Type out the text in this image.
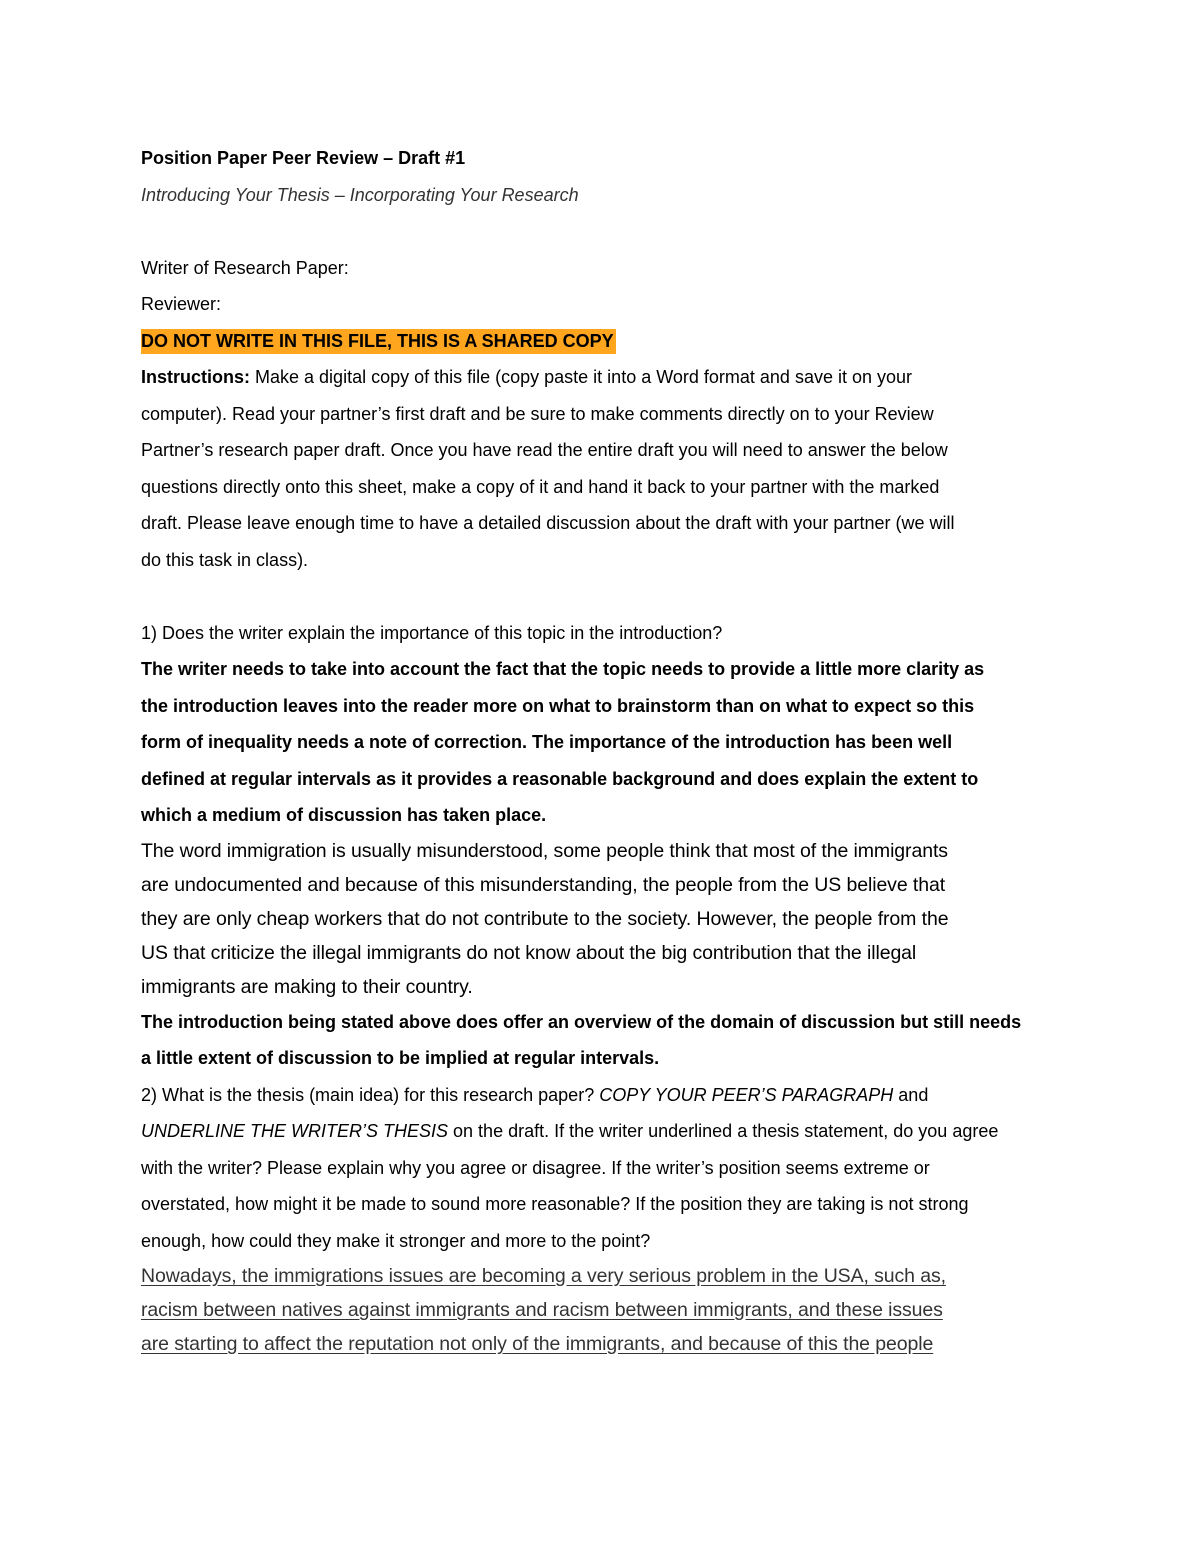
Position Paper Peer Review – Draft #1
Introducing Your Thesis – Incorporating Your Research
Writer of Research Paper:
Reviewer:
DO NOT WRITE IN THIS FILE, THIS IS A SHARED COPY
Instructions: Make a digital copy of this file (copy paste it into a Word format and save it on your
computer). Read your partner’s first draft and be sure to make comments directly on to your Review
Partner’s research paper draft. Once you have read the entire draft you will need to answer the below
questions directly onto this sheet, make a copy of it and hand it back to your partner with the marked
draft. Please leave enough time to have a detailed discussion about the draft with your partner (we will
do this task in class).
1) Does the writer explain the importance of this topic in the introduction?
The writer needs to take into account the fact that the topic needs to provide a little more clarity as
the introduction leaves into the reader more on what to brainstorm than on what to expect so this
form of inequality needs a note of correction. The importance of the introduction has been well
defined at regular intervals as it provides a reasonable background and does explain the extent to
which a medium of discussion has taken place.
The word immigration is usually misunderstood, some people think that most of the immigrants
are undocumented and because of this misunderstanding, the people from the US believe that
they are only cheap workers that do not contribute to the society. However, the people from the
US that criticize the illegal immigrants do not know about the big contribution that the illegal
immigrants are making to their country.
The introduction being stated above does offer an overview of the domain of discussion but still needs
a little extent of discussion to be implied at regular intervals.
2) What is the thesis (main idea) for this research paper? COPY YOUR PEER’S PARAGRAPH and
UNDERLINE THE WRITER’S THESIS on the draft. If the writer underlined a thesis statement, do you agree
with the writer? Please explain why you agree or disagree. If the writer’s position seems extreme or
overstated, how might it be made to sound more reasonable? If the position they are taking is not strong
enough, how could they make it stronger and more to the point?
Nowadays, the immigrations issues are becoming a very serious problem in the USA, such as,
racism between natives against immigrants and racism between immigrants, and these issues
are starting to affect the reputation not only of the immigrants, and because of this the people
